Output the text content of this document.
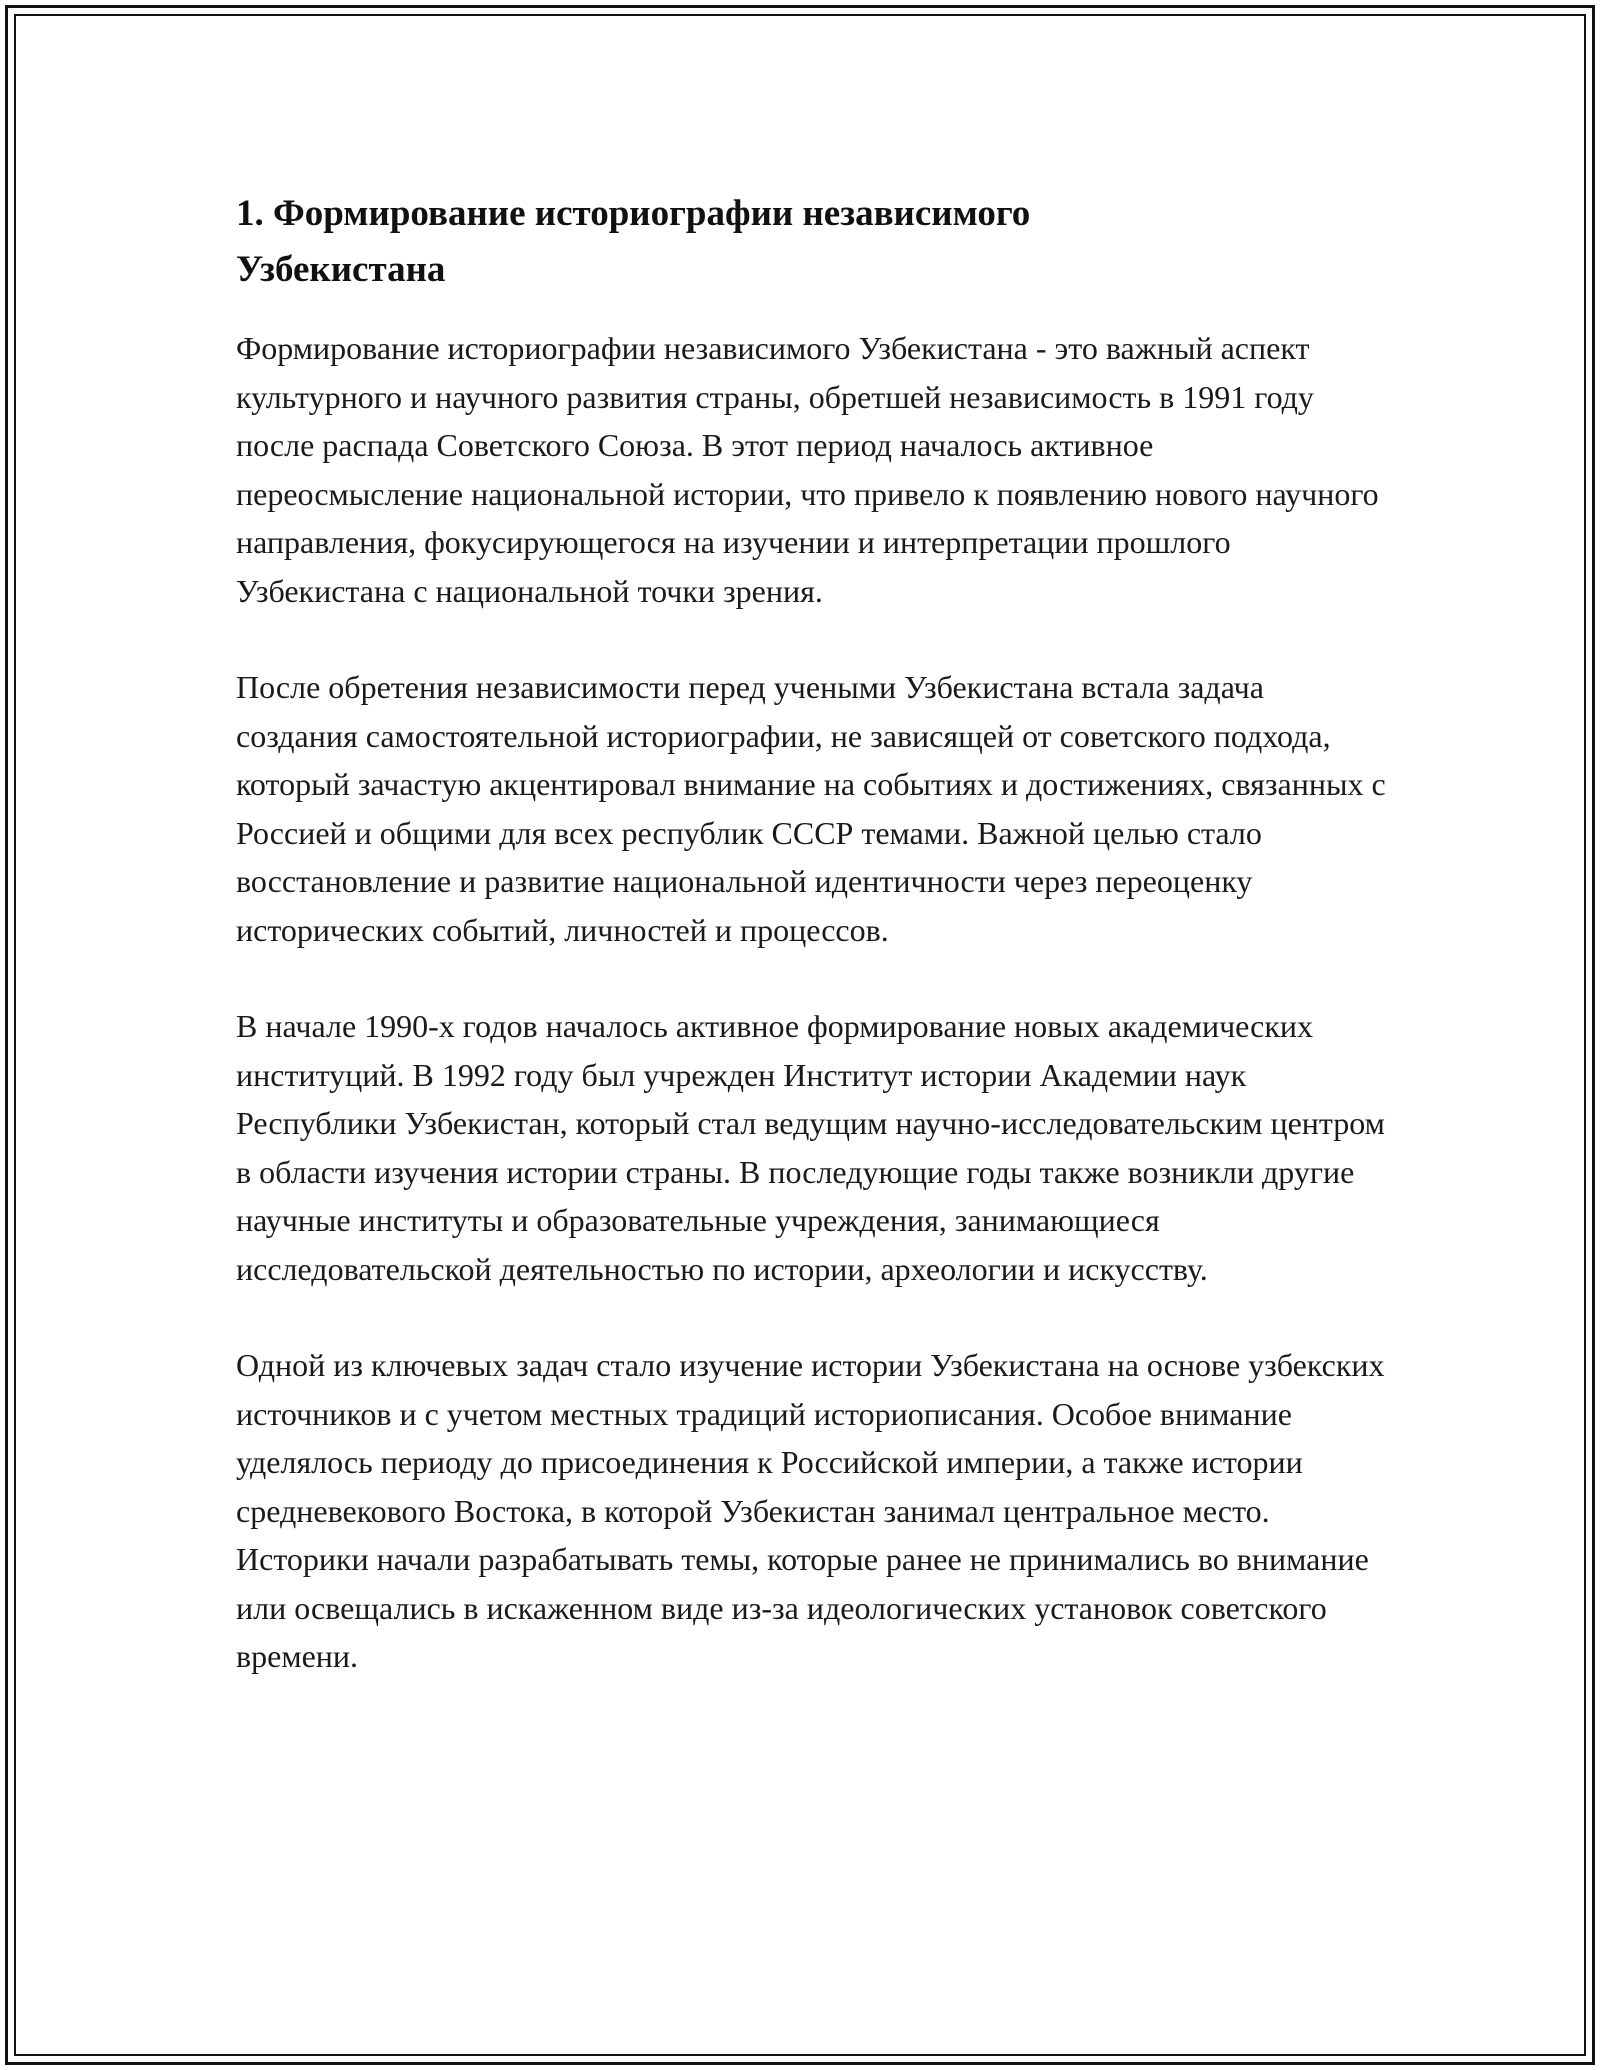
1. Формирование историографии независимого
Узбекистана

Формирование историографии независимого Узбекистана - это важный аспект культурного и научного развития страны, обретшей независимость в 1991 году после распада Советского Союза. В этот период началось активное переосмысление национальной истории, что привело к появлению нового научного направления, фокусирующегося на изучении и интерпретации прошлого Узбекистана с национальной точки зрения.

После обретения независимости перед учеными Узбекистана встала задача создания самостоятельной историографии, не зависящей от советского подхода, который зачастую акцентировал внимание на событиях и достижениях, связанных с Россией и общими для всех республик СССР темами. Важной целью стало восстановление и развитие национальной идентичности через переоценку исторических событий, личностей и процессов.

В начале 1990-х годов началось активное формирование новых академических институций. В 1992 году был учрежден Институт истории Академии наук Республики Узбекистан, который стал ведущим научно-исследовательским центром в области изучения истории страны. В последующие годы также возникли другие научные институты и образовательные учреждения, занимающиеся исследовательской деятельностью по истории, археологии и искусству.

Одной из ключевых задач стало изучение истории Узбекистана на основе узбекских источников и с учетом местных традиций историописания. Особое внимание уделялось периоду до присоединения к Российской империи, а также истории средневекового Востока, в которой Узбекистан занимал центральное место. Историки начали разрабатывать темы, которые ранее не принимались во внимание или освещались в искаженном виде из-за идеологических установок советского времени.
